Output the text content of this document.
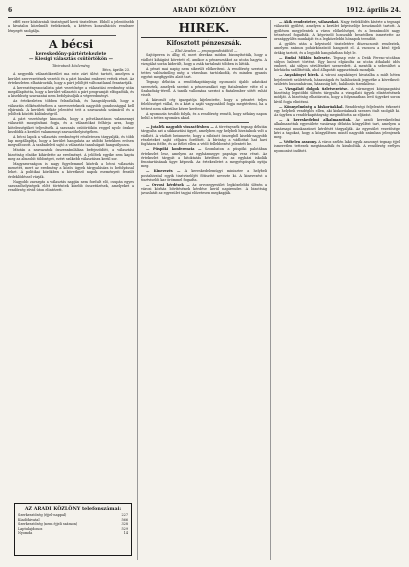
6	ARADI KÖZLÖNY	1912. április 24.

effél ezer közhivatali tisztségnél kerü tisztelésre. Ebből a jelentősebb a hivatalos közelmúlt érdekeinek, a kétéves konzultációs rendszer lényegét szolgálja.

A bécsi
kereskedőny-pártértekezlete
— Kiesigi választás csütörtökön —
Táviratunk közlemény
Bécs, április 23.

A negyedik választókerület ma este zárt ülést tartott, amelyen a kerület szervezetének vezetői és a párt bizalmi emberei vettek részt. Az értekezleten elhatározták, hogy a párt jelöltjét változatlanul fenntartják.

A keresztényszocialista párt vezetősége a választási eredmény után megállapította, hogy a kerület választói a párt programját elfogadták, és a kisebbség szavazatai nem befolyásolják a végeredményt.

Az értekezleten többen felszólaltak, és hangsúlyozták, hogy a választás előkészítésében a szervezeteknek nagyobb gondossággal kell eljárniuk. A kerületi titkár jelentést tett a szavazatok számáról és a jelöltek közötti különbségről.

A párt vezetősége kimondta, hogy a pótválasztáson valamennyi választót mozgósítani fogja, és a választókat felhívja arra, hogy kötelességüket teljesítsék. A szavazás csütörtökön reggel nyolc órakor kezdődik a kerület valamennyi szavazóhelyiségében.

A bécsi lapok a választás eredményét részletesen tárgyalják, és több lap megállapítja, hogy a kerület hangulata az utóbbi hetekben erősen megváltozott. A szabadelvű sajtó a választás tanulságait hangsúlyozza.

Miután a szavazatok összeszámlálása befejeződött, a választási bizottság elnöke kihirdette az eredményt. A jelöltek egyike sem kapta meg az abszolút többséget, ezért szűkebb választásra kerül sor.

Magyarországon is nagy figyelemmel kísérik a bécsi választás menetét, mert az eredmény a közös ügyek tárgyalására is befolyással lehet. A politikai körökben a következő napok eseményeit feszült érdeklődéssel várják.

Nagyobb zavargás a választás napján nem fordult elő, csupán egyes szavazóhelyiségek előtt történtek kisebb összetűzések, amelyeket a rendőrség rövid úton elintézett.

AZ ARADI KÖZLÖNY telefonszámai:
Szerkesztőség (éjjel-nappal)	227
Kiadóhivatal	566
Szerkesztőség (nem éjjeli számon)	328
Laptulajdonos	529
Nyomda	14
HIREK.
Kifosztott pénzeszsák.
— Első Aradon — propagandistáktól —

Sajtóperen is állig él, mert derekas módon bizonyították, hogy a vádlott kihágást követett el, amikor a pénzeszsákot az utcán hagyta. A vizsgálat során kiderült, hogy a zsák tartalmát többen is látták.

A pénzt mai napig nem sikerült előkeríteni. A rendőrség szerint a tettes valószínűleg még a városban tartózkodik, és minden gyanús egyént megfigyelés alatt tart.

Tegnap délután a rendőrkapitányság nyomozói újabb adatokat szereztek, amelyek szerint a pénzeszsákot egy fiatalember vitte el a Szabadság-térről. A tanúk vallomása szerint a fiatalember sötét ruhát viselt.

A károsult cég igazgatója kijelentette, hogy a pénzért teljes felelősséget vállal, és a kárt a saját vagyonából fogja megtéríteni, ha a tettest nem sikerülne kézre keríteni.

A nyomozás tovább folyik, és a rendőrség reméli, hogy néhány napon belül a tettes nyomára akad.

— Jutalék nagyobb visszaélésben — A törvényszék tegnap délután tárgyalta azt a sikkasztási ügyet, amelyben egy helybeli hivatalnok volt a vádlott. A vádlott beismerte, hogy a rábízott összegből kisebb-nagyobb részleteket saját céljaira fordított. A bíróság a vádlottat hat havi fogházra ítélte, és az ítélet ellen a védő fellebbezést jelentett be.

— Püspöki konferencia — Szombaton a püspöki palotában értekezlet lesz, amelyen az egyházmegye papsága vesz részt. Az értekezlet tárgyát a hitoktatás kérdései és az egyházi iskolák fenntartásának ügye képezik. Az értekezletet a megyéspüspök nyitja meg.

— Kinevezés — A kereskedelemügyi miniszter a helybeli postahivatal egyik tisztviselőjét főtisztté nevezte ki. A kinevezést a tisztviselői kar örömmel fogadta.

— Orvosi kérdések — Az orvosegyesület legközelebbi ülésén a városi kórház bővítésének kérdése kerül napirendre. A bizottság javaslatát az egyesület tagjai előzetesen megkapják.

— Akik rendeztetve, válaszokat. Nagy érdeklődés kísérte a tegnapi választói gyűlést, amelyen a kerület képviselője beszámolót tartott. A gyűlésen megjelentek a város előkelőségei, és a beszámolót nagy tetszéssel fogadták. A képviselő hosszabb beszédben ismertette az országgyűlés munkáját és a legközelebbi hónapok teendőit.

A gyűlés után a képviselő tiszteletére díszvacsorát rendeztek, amelyen számos pohárköszöntő hangzott el. A vacsora a késő éjjeli órákig tartott, és a legjobb hangulatban folyt le.

— Budai Miklós balesete. Tegnap este a Deák Ferenc-utcában súlyos baleset történt. Egy kocsi elgázolta az utcán áthaladó idős embert, aki súlyos sérüléseket szenvedett. A mentők a sebesültet a kórházba szállították, ahol állapotát aggasztónak mondják.

— Anyakönyvi hírek. A városi anyakönyvi hivatalba a múlt héten bejelentett születések, házasságok és halálozások jegyzéke a következő: születés huszonhárom, házasság hét, halálozás tizenkilenc.

— Vizsgálati dolgok üzletvezetése. A vármegyei közigazgatási bizottság legutóbbi ülésén tárgyalta a vizsgálati ügyek elintézésének módját. A bizottság elhatározta, hogy a folyamatban levő ügyeket soron kívül fogja elintézni.

— Könnyelműség a kiskorúakkal. Rendőrségi feljelentés érkezett egy helybeli vendéglős ellen, aki kiskorúaknak szeszes italt szolgált ki. Az ügyben a rendőrkapitányság megindította az eljárást.

— A kereskedelmi alkalmazottak. Az aradi kereskedelmi alkalmazottak egyesülete vasárnap délután közgyűlést tart, amelyen a vasárnapi munkaszünet kérdését tárgyalják. Az egyesület vezetősége kéri a tagokat, hogy a közgyűlésen minél nagyobb számban jelenjenek meg.

— Védtelen asszony. A város szélén lakó egyik asszonyt tegnap éjjel ismeretlen tettesek megtámadták és kirabolták. A rendőrség erélyes nyomozást indított.
